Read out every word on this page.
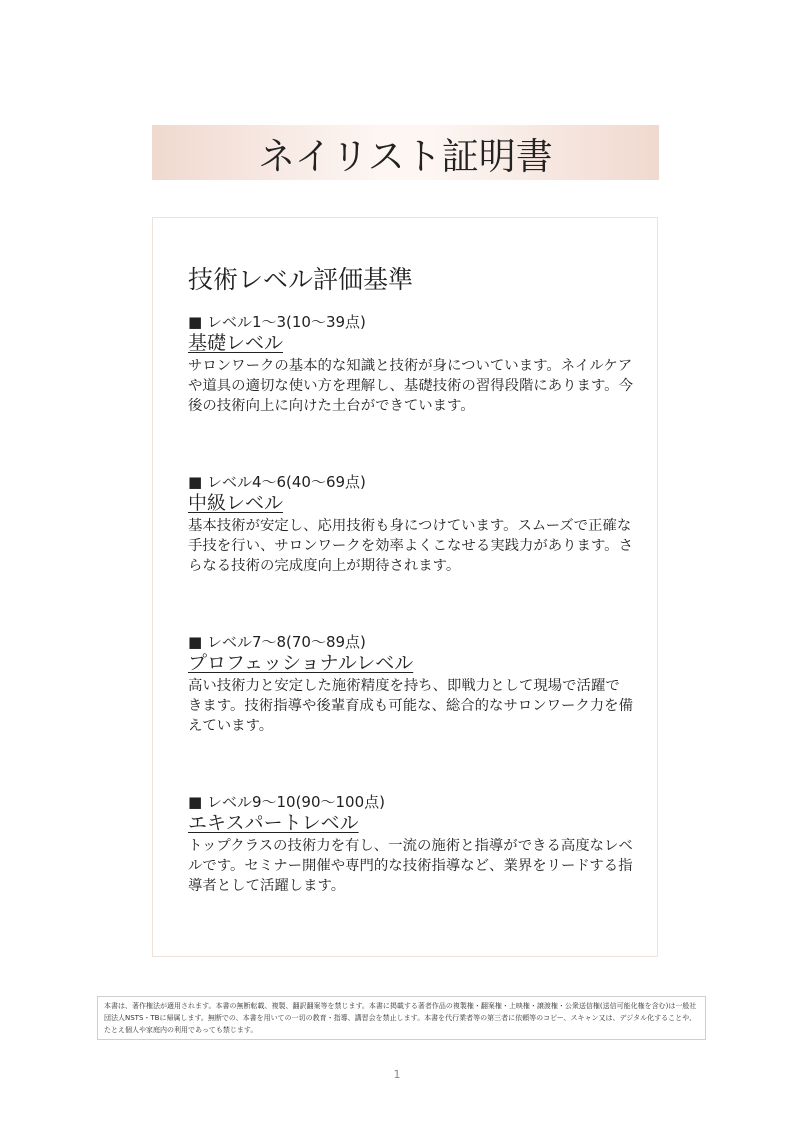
ネイリスト証明書
技術レベル評価基準
■ レベル1～3(10～39点)
基礎レベル
サロンワークの基本的な知識と技術が身についています。ネイルケアや道具の適切な使い方を理解し、基礎技術の習得段階にあります。今後の技術向上に向けた土台ができています。
■ レベル4～6(40～69点)
中級レベル
基本技術が安定し、応用技術も身につけています。スムーズで正確な手技を行い、サロンワークを効率よくこなせる実践力があります。さらなる技術の完成度向上が期待されます。
■ レベル7～8(70～89点)
プロフェッショナルレベル
高い技術力と安定した施術精度を持ち、即戦力として現場で活躍できます。技術指導や後輩育成も可能な、総合的なサロンワーク力を備えています。
■ レベル9～10(90～100点)
エキスパートレベル
トップクラスの技術力を有し、一流の施術と指導ができる高度なレベルです。セミナー開催や専門的な技術指導など、業界をリードする指導者として活躍します。
本書は、著作権法が適用されます。本書の無断転載、複製、翻訳翻案等を禁じます。本書に掲載する著者作品の複製権・翻案権・上映権・譲渡権・公衆送信権(送信可能化権を含む)は一般社団法人NSTS・TBに帰属します。無断での、本書を用いての一切の教育・指導、講習会を禁止します。本書を代行業者等の第三者に依頼等のコピー、スキャン又は、デジタル化することや、たとえ個人や家庭内の利用であっても禁じます。
1
